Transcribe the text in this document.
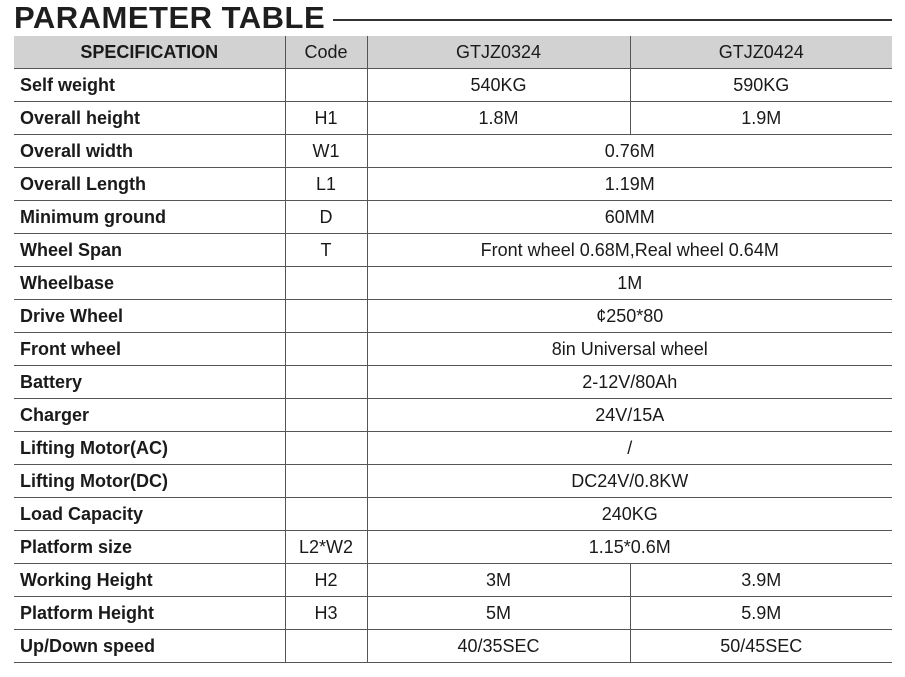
PARAMETER TABLE
SPECIFICATION	Code	GTJZ0324	GTJZ0424
Self weight		540KG	590KG
Overall height	H1	1.8M	1.9M
Overall width	W1	0.76M	
Overall Length	L1	1.19M	
Minimum ground	D	60MM	
Wheel Span	T	Front wheel 0.68M,Real wheel 0.64M	
Wheelbase		1M	
Drive Wheel		¢250*80	
Front wheel		8in Universal wheel	
Battery		2-12V/80Ah	
Charger		24V/15A	
Lifting Motor(AC)		/	
Lifting Motor(DC)		DC24V/0.8KW	
Load Capacity		240KG	
Platform size	L2*W2	1.15*0.6M	
Working Height	H2	3M	3.9M
Platform Height	H3	5M	5.9M
Up/Down speed		40/35SEC	50/45SEC
